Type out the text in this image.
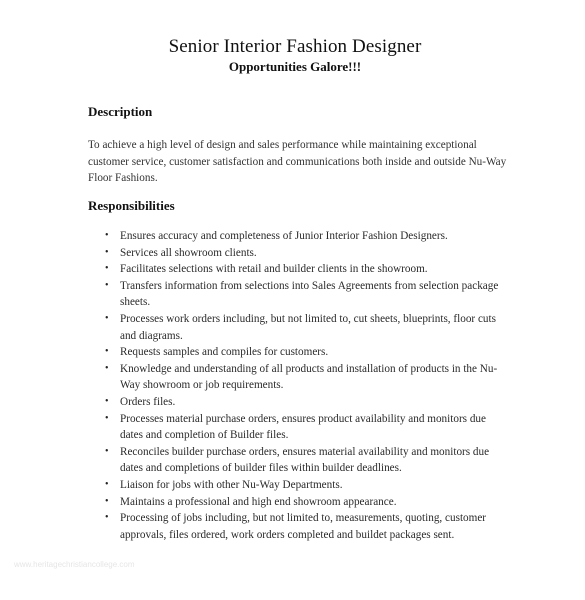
Senior Interior Fashion Designer
Opportunities Galore!!!
Description
To achieve a high level of design and sales performance while maintaining exceptional customer service, customer satisfaction and communications both inside and outside Nu-Way Floor Fashions.
Responsibilities
• Ensures accuracy and completeness of Junior Interior Fashion Designers.
• Services all showroom clients.
• Facilitates selections with retail and builder clients in the showroom.
• Transfers information from selections into Sales Agreements from selection package sheets.
• Processes work orders including, but not limited to, cut sheets, blueprints, floor cuts and diagrams.
• Requests samples and compiles for customers.
• Knowledge and understanding of all products and installation of products in the Nu-Way showroom or job requirements.
• Orders files.
• Processes material purchase orders, ensures product availability and monitors due dates and completion of Builder files.
• Reconciles builder purchase orders, ensures material availability and monitors due dates and completions of builder files within builder deadlines.
• Liaison for jobs with other Nu-Way Departments.
• Maintains a professional and high end showroom appearance.
• Processing of jobs including, but not limited to, measurements, quoting, customer approvals, files ordered, work orders completed and buildet packages sent.
www.heritagechristiancollege.com
